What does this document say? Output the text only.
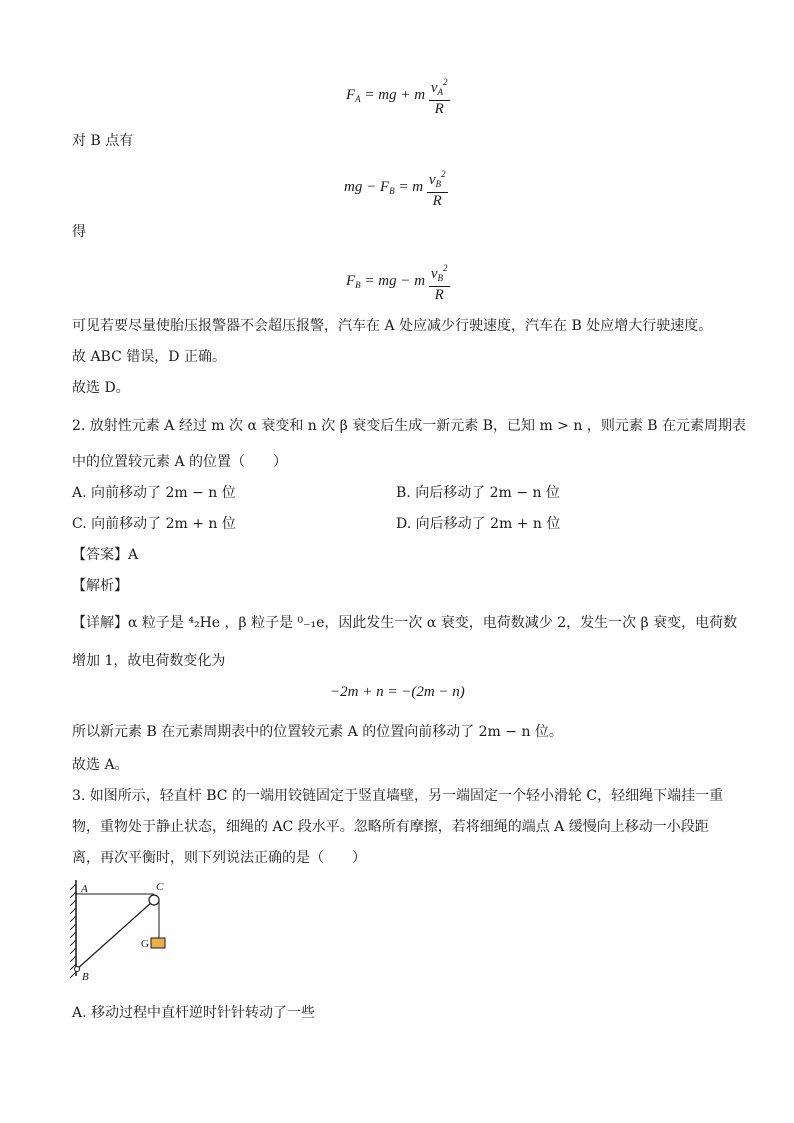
$F_A$ = mg + m $\frac{v_A^2}{R}$
对 B 点有
mg − $F_B = m \frac{v_B^2}{R}$
得
$F_B$ = mg − m $\frac{v_B^2}{R}$
可见若要尽量使胎压报警器不会超压报警，汽车在 A 处应减少行驶速度，汽车在 B 处应增大行驶速度。
故 ABC 错误，D 正确。
故选 D。
2. 放射性元素 A 经过 m 次 α 衰变和 n 次 β 衰变后生成一新元素 B，已知 m > n ，则元素 B 在元素周期表
中的位置较元素 A 的位置（　　）
A. 向前移动了 2m − n 位	B. 向后移动了 2m − n 位
C. 向前移动了 2m + n 位	D. 向后移动了 2m + n 位
【答案】A
【解析】
【详解】α 粒子是 ⁴₂He ，β 粒子是 ⁰₋₁e，因此发生一次 α 衰变，电荷数减少 2，发生一次 β 衰变，电荷数
增加 1，故电荷数变化为
−2m + n = −(2m − n)
所以新元素 B 在元素周期表中的位置较元素 A 的位置向前移动了 2m − n 位。
故选 A。
3. 如图所示，轻直杆 BC 的一端用铰链固定于竖直墙壁，另一端固定一个轻小滑轮 C，轻细绳下端挂一重
物，重物处于静止状态，细绳的 AC 段水平。忽略所有摩擦，若将细绳的端点 A 缓慢向上移动一小段距
离，再次平衡时，则下列说法正确的是（　　）
A	C
G
B
A. 移动过程中直杆逆时针针转动了一些
